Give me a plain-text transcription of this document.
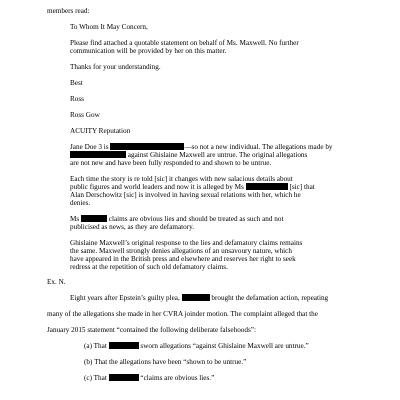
members read:
To Whom It May Concern,
Please find attached a quotable statement on behalf of Ms. Maxwell. No further
communication will be provided by her on this matter.
Thanks for your understanding.
Best
Ross
Ross Gow
ACUITY Reputation
Jane Doe 3 is	—so not a new individual. The allegations made by
against Ghislaine Maxwell are untrue. The original allegations
are not new and have been fully responded to and shown to be untrue.
Each time the story is re told [sic] it changes with new salacious details about
public figures and world leaders and now it is alleged by Ms	[sic] that
Alan Derschowitz [sic] is involved in having sexual relations with her, which he
denies.
Ms	claims are obvious lies and should be treated as such and not
publicised as news, as they are defamatory.
Ghislaine Maxwell’s original response to the lies and defamatory claims remains
the same. Maxwell strongly denies allegations of an unsavoury nature, which
have appeared in the British press and elsewhere and reserves her right to seek
redress at the repetition of such old defamatory claims.
Ex. N.
Eight years after Epstein’s guilty plea,	brought the defamation action, repeating
many of the allegations she made in her CVRA joinder motion. The complaint alleged that the
January 2015 statement “contained the following deliberate falsehoods”:
(a) That	sworn allegations “against Ghislaine Maxwell are untrue.”
(b) That the allegations have been “shown to be untrue.”
(c) That	“claims are obvious lies.”
